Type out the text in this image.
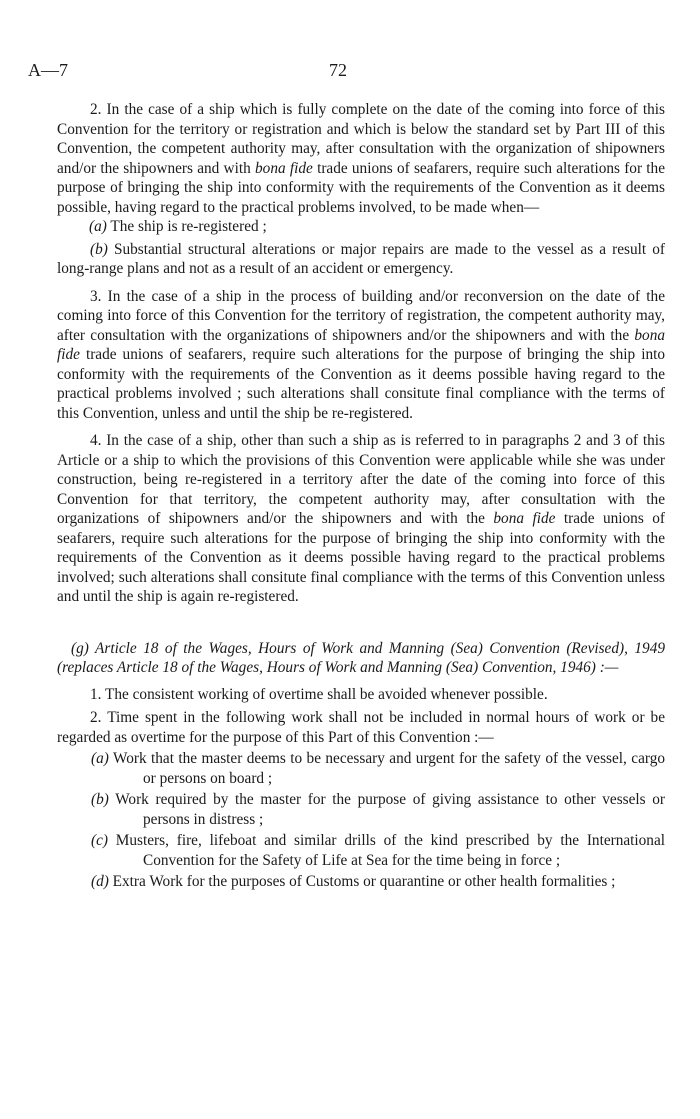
A—7	72

2. In the case of a ship which is fully complete on the date of the coming into force of this Convention for the territory or registration and which is below the standard set by Part III of this Convention, the competent authority may, after consultation with the organization of shipowners and/or the shipowners and with bona fide trade unions of seafarers, require such alterations for the purpose of bringing the ship into conformity with the requirements of the Convention as it deems possible, having regard to the practical problems involved, to be made when—

(a) The ship is re-registered ;

(b) Substantial structural alterations or major repairs are made to the vessel as a result of long-range plans and not as a result of an accident or emergency.

3. In the case of a ship in the process of building and/or reconversion on the date of the coming into force of this Convention for the territory of registration, the competent authority may, after consultation with the organizations of shipowners and/or the shipowners and with the bona fide trade unions of seafarers, require such alterations for the purpose of bringing the ship into conformity with the requirements of the Convention as it deems possible having regard to the practical problems involved ; such alterations shall consitute final compliance with the terms of this Convention, unless and until the ship be re-registered.

4. In the case of a ship, other than such a ship as is referred to in paragraphs 2 and 3 of this Article or a ship to which the provisions of this Convention were applicable while she was under construction, being re-registered in a territory after the date of the coming into force of this Convention for that territory, the competent authority may, after consultation with the organizations of shipowners and/or the shipowners and with the bona fide trade unions of seafarers, require such alterations for the purpose of bringing the ship into conformity with the requirements of the Convention as it deems possible having regard to the practical problems involved; such alterations shall consitute final compliance with the terms of this Convention unless and until the ship is again re-registered.

(g) Article 18 of the Wages, Hours of Work and Manning (Sea) Convention (Revised), 1949 (replaces Article 18 of the Wages, Hours of Work and Manning (Sea) Convention, 1946) :—

1. The consistent working of overtime shall be avoided whenever possible.

2. Time spent in the following work shall not be included in normal hours of work or be regarded as overtime for the purpose of this Part of this Convention :—

(a) Work that the master deems to be necessary and urgent for the safety of the vessel, cargo or persons on board ;

(b) Work required by the master for the purpose of giving assistance to other vessels or persons in distress ;

(c) Musters, fire, lifeboat and similar drills of the kind prescribed by the International Convention for the Safety of Life at Sea for the time being in force ;

(d) Extra Work for the purposes of Customs or quarantine or other health formalities ;
